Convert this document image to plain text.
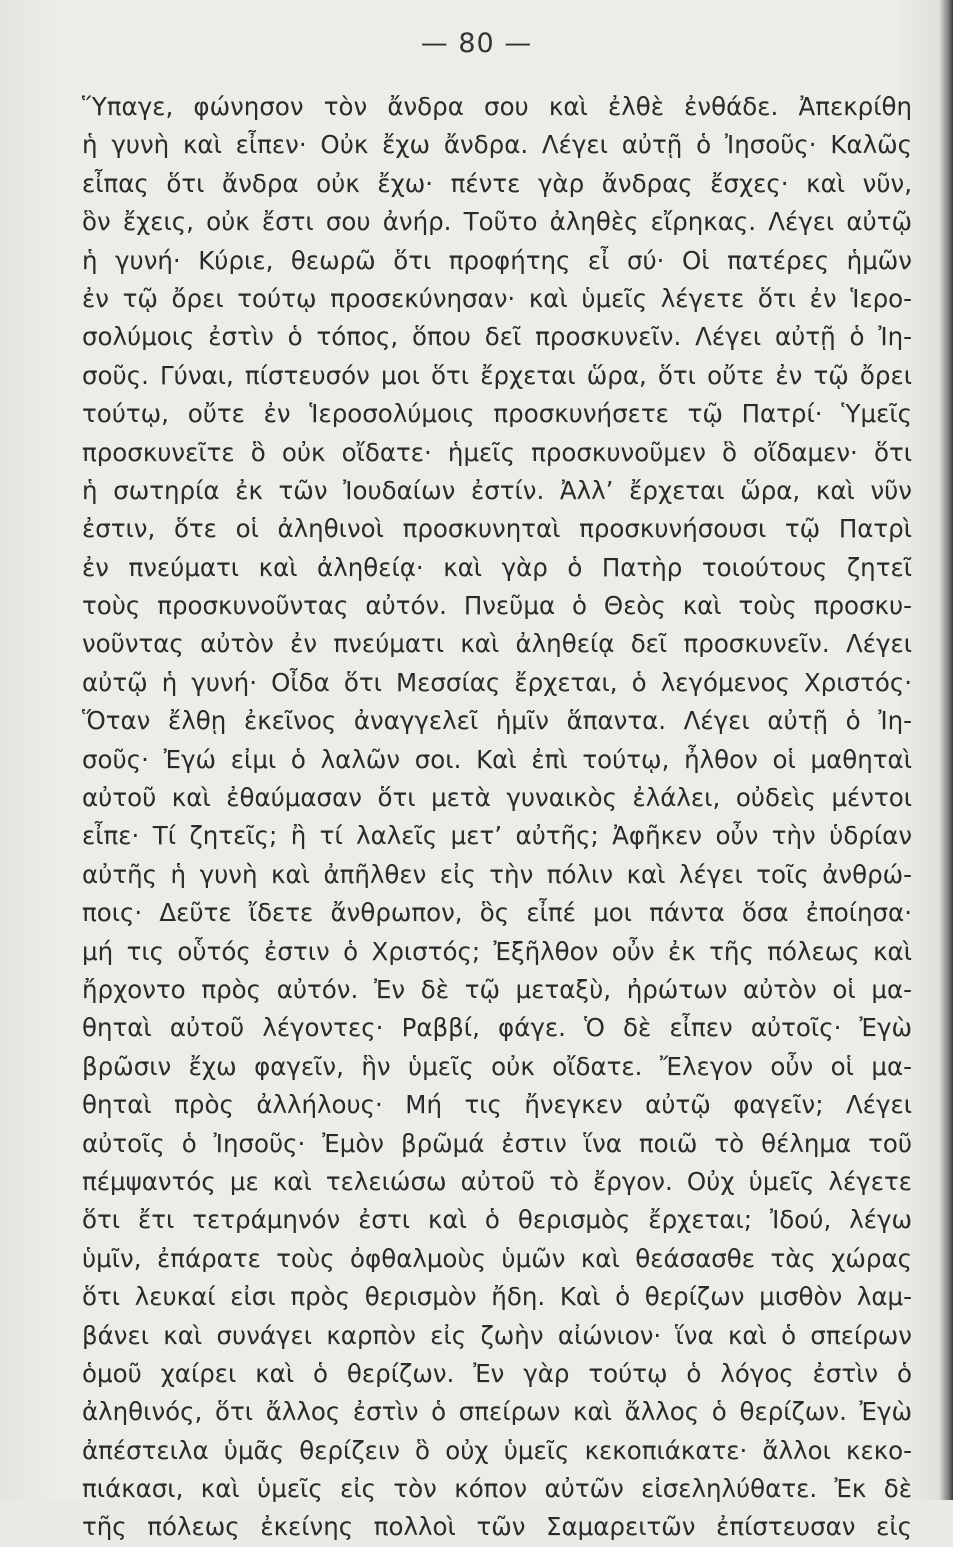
— 80 —
Ὕπαγε, φώνησον τὸν ἄνδρα σου καὶ ἐλθὲ ἐνθάδε. Ἀπεκρίθη
ἡ γυνὴ καὶ εἶπεν· Οὐκ ἔχω ἄνδρα. Λέγει αὐτῇ ὁ Ἰησοῦς· Καλῶς
εἶπας ὅτι ἄνδρα οὐκ ἔχω· πέντε γὰρ ἄνδρας ἔσχες· καὶ νῦν,
ὃν ἔχεις, οὐκ ἔστι σου ἀνήρ. Τοῦτο ἀληθὲς εἴρηκας. Λέγει αὐτῷ
ἡ γυνή· Κύριε, θεωρῶ ὅτι προφήτης εἶ σύ· Οἱ πατέρες ἡμῶν
ἐν τῷ ὄρει τούτῳ προσεκύνησαν· καὶ ὑμεῖς λέγετε ὅτι ἐν Ἱερο-
σολύμοις ἐστὶν ὁ τόπος, ὅπου δεῖ προσκυνεῖν. Λέγει αὐτῇ ὁ Ἰη-
σοῦς. Γύναι, πίστευσόν μοι ὅτι ἔρχεται ὥρα, ὅτι οὔτε ἐν τῷ ὄρει
τούτῳ, οὔτε ἐν Ἱεροσολύμοις προσκυνήσετε τῷ Πατρί· Ὑμεῖς
προσκυνεῖτε ὃ οὐκ οἴδατε· ἡμεῖς προσκυνοῦμεν ὃ οἴδαμεν· ὅτι
ἡ σωτηρία ἐκ τῶν Ἰουδαίων ἐστίν. Ἀλλ’ ἔρχεται ὥρα, καὶ νῦν
ἐστιν, ὅτε οἱ ἀληθινοὶ προσκυνηταὶ προσκυνήσουσι τῷ Πατρὶ
ἐν πνεύματι καὶ ἀληθείᾳ· καὶ γὰρ ὁ Πατὴρ τοιούτους ζητεῖ
τοὺς προσκυνοῦντας αὐτόν. Πνεῦμα ὁ Θεὸς καὶ τοὺς προσκυ-
νοῦντας αὐτὸν ἐν πνεύματι καὶ ἀληθείᾳ δεῖ προσκυνεῖν. Λέγει
αὐτῷ ἡ γυνή· Οἶδα ὅτι Μεσσίας ἔρχεται, ὁ λεγόμενος Χριστός·
Ὅταν ἔλθῃ ἐκεῖνος ἀναγγελεῖ ἡμῖν ἅπαντα. Λέγει αὐτῇ ὁ Ἰη-
σοῦς· Ἐγώ εἰμι ὁ λαλῶν σοι. Καὶ ἐπὶ τούτῳ, ἦλθον οἱ μαθηταὶ
αὐτοῦ καὶ ἐθαύμασαν ὅτι μετὰ γυναικὸς ἐλάλει, οὐδεὶς μέντοι
εἶπε· Τί ζητεῖς; ἢ τί λαλεῖς μετ’ αὐτῆς; Ἀφῆκεν οὖν τὴν ὑδρίαν
αὐτῆς ἡ γυνὴ καὶ ἀπῆλθεν εἰς τὴν πόλιν καὶ λέγει τοῖς ἀνθρώ-
ποις· Δεῦτε ἴδετε ἄνθρωπον, ὃς εἶπέ μοι πάντα ὅσα ἐποίησα·
μή τις οὗτός ἐστιν ὁ Χριστός; Ἐξῆλθον οὖν ἐκ τῆς πόλεως καὶ
ἤρχοντο πρὸς αὐτόν. Ἐν δὲ τῷ μεταξὺ, ἠρώτων αὐτὸν οἱ μα-
θηταὶ αὐτοῦ λέγοντες· Ραββί, φάγε. Ὁ δὲ εἶπεν αὐτοῖς· Ἐγὼ
βρῶσιν ἔχω φαγεῖν, ἣν ὑμεῖς οὐκ οἴδατε. Ἔλεγον οὖν οἱ μα-
θηταὶ πρὸς ἀλλήλους· Μή τις ἤνεγκεν αὐτῷ φαγεῖν; Λέγει
αὐτοῖς ὁ Ἰησοῦς· Ἐμὸν βρῶμά ἐστιν ἵνα ποιῶ τὸ θέλημα τοῦ
πέμψαντός με καὶ τελειώσω αὐτοῦ τὸ ἔργον. Οὐχ ὑμεῖς λέγετε
ὅτι ἔτι τετράμηνόν ἐστι καὶ ὁ θερισμὸς ἔρχεται; Ἰδού, λέγω
ὑμῖν, ἐπάρατε τοὺς ὀφθαλμοὺς ὑμῶν καὶ θεάσασθε τὰς χώρας
ὅτι λευκαί εἰσι πρὸς θερισμὸν ἤδη. Καὶ ὁ θερίζων μισθὸν λαμ-
βάνει καὶ συνάγει καρπὸν εἰς ζωὴν αἰώνιον· ἵνα καὶ ὁ σπείρων
ὁμοῦ χαίρει καὶ ὁ θερίζων. Ἐν γὰρ τούτῳ ὁ λόγος ἐστὶν ὁ
ἀληθινός, ὅτι ἄλλος ἐστὶν ὁ σπείρων καὶ ἄλλος ὁ θερίζων. Ἐγὼ
ἀπέστειλα ὑμᾶς θερίζειν ὃ οὐχ ὑμεῖς κεκοπιάκατε· ἄλλοι κεκο-
πιάκασι, καὶ ὑμεῖς εἰς τὸν κόπον αὐτῶν εἰσεληλύθατε. Ἐκ δὲ
τῆς πόλεως ἐκείνης πολλοὶ τῶν Σαμαρειτῶν ἐπίστευσαν εἰς
